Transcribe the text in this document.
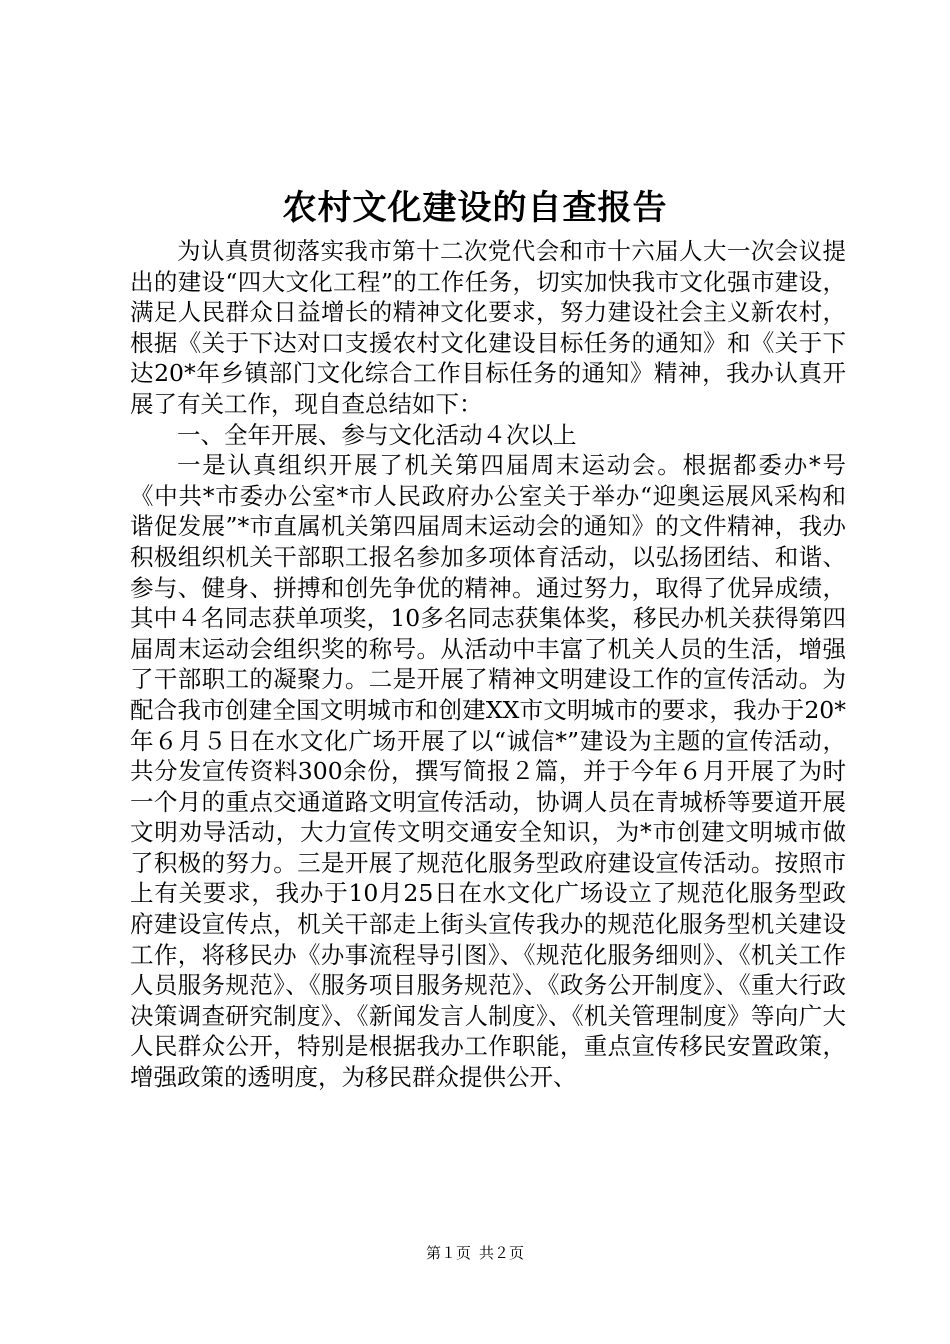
农村文化建设的自查报告

为认真贯彻落实我市第十二次党代会和市十六届人大一次会议提出的建设“四大文化工程”的工作任务，切实加快我市文化强市建设，满足人民群众日益增长的精神文化要求，努力建设社会主义新农村，根据《关于下达对口支援农村文化建设目标任务的通知》和《关于下达20*年乡镇部门文化综合工作目标任务的通知》精神，我办认真开展了有关工作，现自查总结如下：

一、全年开展、参与文化活动４次以上

一是认真组织开展了机关第四届周末运动会。根据都委办*号《中共*市委办公室*市人民政府办公室关于举办“迎奥运展风采构和谐促发展”*市直属机关第四届周末运动会的通知》的文件精神，我办积极组织机关干部职工报名参加多项体育活动，以弘扬团结、和谐、参与、健身、拼搏和创先争优的精神。通过努力，取得了优异成绩，其中４名同志获单项奖，10多名同志获集体奖，移民办机关获得第四届周末运动会组织奖的称号。从活动中丰富了机关人员的生活，增强了干部职工的凝聚力。二是开展了精神文明建设工作的宣传活动。为配合我市创建全国文明城市和创建XX市文明城市的要求，我办于20*年６月５日在水文化广场开展了以“诚信*”建设为主题的宣传活动，共分发宣传资料300余份，撰写简报２篇，并于今年６月开展了为时一个月的重点交通道路文明宣传活动，协调人员在青城桥等要道开展文明劝导活动，大力宣传文明交通安全知识，为*市创建文明城市做了积极的努力。三是开展了规范化服务型政府建设宣传活动。按照市上有关要求，我办于10月25日在水文化广场设立了规范化服务型政府建设宣传点，机关干部走上街头宣传我办的规范化服务型机关建设工作，将移民办《办事流程导引图》、《规范化服务细则》、《机关工作人员服务规范》、《服务项目服务规范》、《政务公开制度》、《重大行政决策调查研究制度》、《新闻发言人制度》、《机关管理制度》等向广大人民群众公开，特别是根据我办工作职能，重点宣传移民安置政策，增强政策的透明度，为移民群众提供公开、

第１页 共２页
